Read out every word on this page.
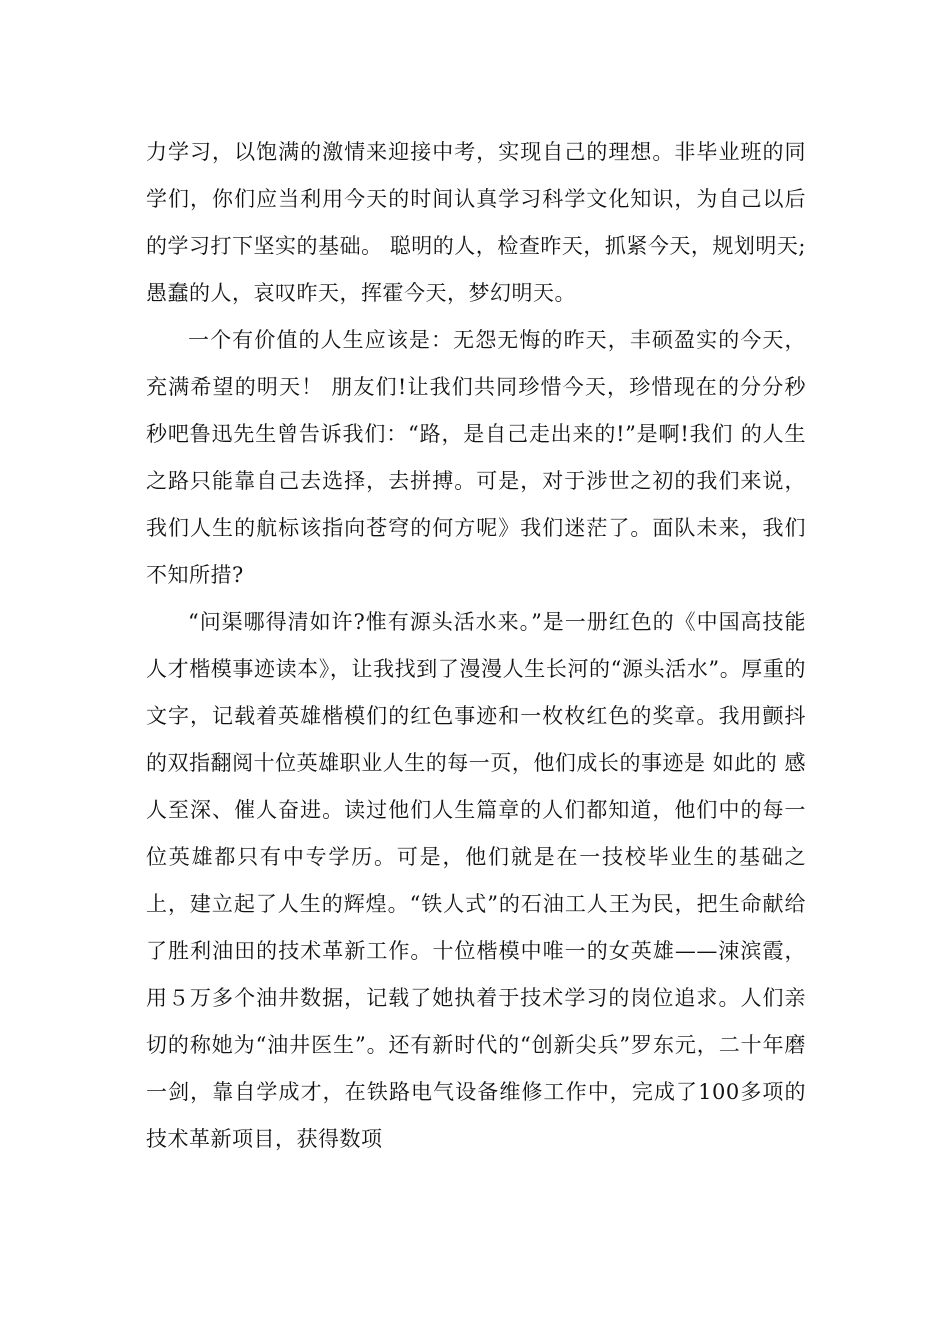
力学习，以饱满的激情来迎接中考，实现自己的理想。非毕业班的同学们，你们应当利用今天的时间认真学习科学文化知识，为自己以后的学习打下坚实的基础。 聪明的人，检查昨天，抓紧今天，规划明天;愚蠢的人，哀叹昨天，挥霍今天，梦幻明天。

一个有价值的人生应该是：无怨无悔的昨天，丰硕盈实的今天，充满希望的明天！ 朋友们!让我们共同珍惜今天，珍惜现在的分分秒秒吧鲁迅先生曾告诉我们：“路，是自己走出来的!”是啊!我们 的人生之路只能靠自己去选择，去拼搏。可是，对于涉世之初的我们来说，我们人生的航标该指向苍穹的何方呢》我们迷茫了。面队未来，我们不知所措?

“问渠哪得清如许?惟有源头活水来。”是一册红色的《中国高技能人才楷模事迹读本》，让我找到了漫漫人生长河的“源头活水”。厚重的文字，记载着英雄楷模们的红色事迹和一枚枚红色的奖章。我用颤抖的双指翻阅十位英雄职业人生的每一页，他们成长的事迹是 如此的 感人至深、催人奋进。读过他们人生篇章的人们都知道，他们中的每一位英雄都只有中专学历。可是，他们就是在一技校毕业生的基础之上，建立起了人生的辉煌。“铁人式”的石油工人王为民，把生命献给了胜利油田的技术革新工作。十位楷模中唯一的女英雄——涑滨霞，用５万多个油井数据，记载了她执着于技术学习的岗位追求。人们亲切的称她为“油井医生”。还有新时代的“创新尖兵”罗东元，二十年磨一剑，靠自学成才，在铁路电气设备维修工作中，完成了100多项的技术革新项目，获得数项
